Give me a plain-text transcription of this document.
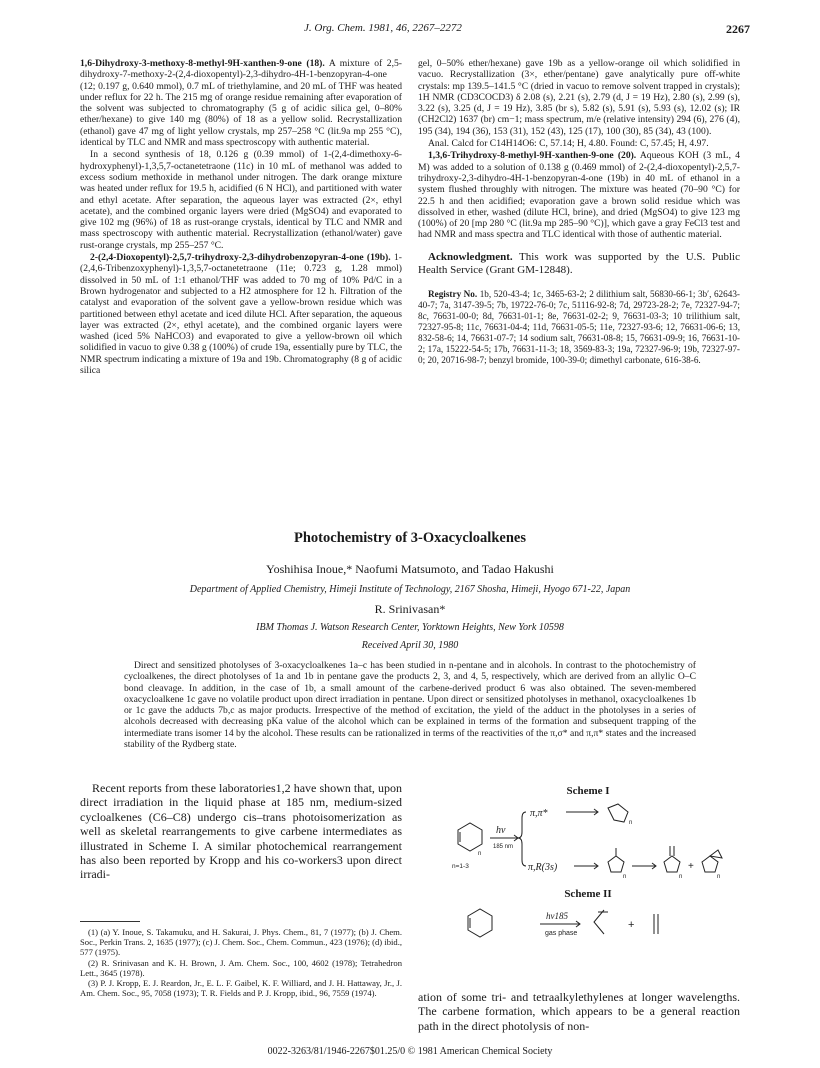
J. Org. Chem. 1981, 46, 2267–2272	2267

1,6-Dihydroxy-3-methoxy-8-methyl-9H-xanthen-9-one (18). A mixture of 2,5-dihydroxy-7-methoxy-2-(2,4-dioxopentyl)-2,3-dihydro-4H-1-benzopyran-4-one (12; 0.197 g, 0.640 mmol), 0.7 mL of triethylamine, and 20 mL of THF was heated under reflux for 22 h. The 215 mg of orange residue remaining after evaporation of the solvent was subjected to chromatography (5 g of acidic silica gel, 0–80% ether/hexane) to give 140 mg (80%) of 18 as a yellow solid. Recrystallization (ethanol) gave 47 mg of light yellow crystals, mp 257–258 °C (lit.9a mp 255 °C), identical by TLC and NMR and mass spectroscopy with authentic material.

In a second synthesis of 18, 0.126 g (0.39 mmol) of 1-(2,4-dimethoxy-6-hydroxyphenyl)-1,3,5,7-octanetetraone (11c) in 10 mL of methanol was added to excess sodium methoxide in methanol under nitrogen. The dark orange mixture was heated under reflux for 19.5 h, acidified (6 N HCl), and partitioned with water and ethyl acetate. After separation, the aqueous layer was extracted (2×, ethyl acetate), and the combined organic layers were dried (MgSO4) and evaporated to give 102 mg (96%) of 18 as rust-orange crystals, identical by TLC and NMR and mass spectroscopy with authentic material. Recrystallization (ethanol/water) gave rust-orange crystals, mp 255–257 °C.

2-(2,4-Dioxopentyl)-2,5,7-trihydroxy-2,3-dihydrobenzopyran-4-one (19b). 1-(2,4,6-Tribenzoxyphenyl)-1,3,5,7-octanetetraone (11e; 0.723 g, 1.28 mmol) dissolved in 50 mL of 1:1 ethanol/THF was added to 70 mg of 10% Pd/C in a Brown hydrogenator and subjected to a H2 atmosphere for 12 h. Filtration of the catalyst and evaporation of the solvent gave a yellow-brown residue which was partitioned between ethyl acetate and iced dilute HCl. After separation, the aqueous layer was extracted (2×, ethyl acetate), and the combined organic layers were washed (iced 5% NaHCO3) and evaporated to give a yellow-brown oil which solidified in vacuo to give 0.38 g (100%) of crude 19a, essentially pure by TLC, the NMR spectrum indicating a mixture of 19a and 19b. Chromatography (8 g of acidic silica

gel, 0–50% ether/hexane) gave 19b as a yellow-orange oil which solidified in vacuo. Recrystallization (3×, ether/pentane) gave analytically pure off-white crystals: mp 139.5–141.5 °C (dried in vacuo to remove solvent trapped in crystals); 1H NMR (CD3COCD3) δ 2.08 (s), 2.21 (s), 2.79 (d, J = 19 Hz), 2.80 (s), 2.99 (s), 3.22 (s), 3.25 (d, J = 19 Hz), 3.85 (br s), 5.82 (s), 5.91 (s), 5.93 (s), 12.02 (s); IR (CH2Cl2) 1637 (br) cm−1; mass spectrum, m/e (relative intensity) 294 (6), 276 (4), 195 (34), 194 (36), 153 (31), 152 (43), 125 (17), 100 (30), 85 (34), 43 (100).

Anal. Calcd for C14H14O6: C, 57.14; H, 4.80. Found: C, 57.45; H, 4.97.

1,3,6-Trihydroxy-8-methyl-9H-xanthen-9-one (20). Aqueous KOH (3 mL, 4 M) was added to a solution of 0.138 g (0.469 mmol) of 2-(2,4-dioxopentyl)-2,5,7-trihydroxy-2,3-dihydro-4H-1-benzopyran-4-one (19b) in 40 mL of ethanol in a system flushed throughly with nitrogen. The mixture was heated (70–90 °C) for 22.5 h and then acidified; evaporation gave a brown solid residue which was dissolved in ether, washed (dilute HCl, brine), and dried (MgSO4) to give 123 mg (100%) of 20 [mp 280 °C (lit.9a mp 285–90 °C)], which gave a gray FeCl3 test and had NMR and mass spectra and TLC identical with those of authentic material.

Acknowledgment. This work was supported by the U.S. Public Health Service (Grant GM-12848).

Registry No. 1b, 520-43-4; 1c, 3465-63-2; 2 dilithium salt, 56830-66-1; 3b′, 62643-40-7; 7a, 3147-39-5; 7b, 19722-76-0; 7c, 51116-92-8; 7d, 29723-28-2; 7e, 72327-94-7; 8c, 76631-00-0; 8d, 76631-01-1; 8e, 76631-02-2; 9, 76631-03-3; 10 trilithium salt, 72327-95-8; 11c, 76631-04-4; 11d, 76631-05-5; 11e, 72327-93-6; 12, 76631-06-6; 13, 832-58-6; 14, 76631-07-7; 14 sodium salt, 76631-08-8; 15, 76631-09-9; 16, 76631-10-2; 17a, 15222-54-5; 17b, 76631-11-3; 18, 3569-83-3; 19a, 72327-96-9; 19b, 72327-97-0; 20, 20716-98-7; benzyl bromide, 100-39-0; dimethyl carbonate, 616-38-6.

Photochemistry of 3-Oxacycloalkenes
Yoshihisa Inoue,* Naofumi Matsumoto, and Tadao Hakushi
Department of Applied Chemistry, Himeji Institute of Technology, 2167 Shosha, Himeji, Hyogo 671-22, Japan
R. Srinivasan*
IBM Thomas J. Watson Research Center, Yorktown Heights, New York 10598
Received April 30, 1980
Direct and sensitized photolyses of 3-oxacycloalkenes 1a–c has been studied in n-pentane and in alcohols. In contrast to the photochemistry of cycloalkenes, the direct photolyses of 1a and 1b in pentane gave the products 2, 3, and 4, 5, respectively, which are derived from an allylic O–C bond cleavage. In addition, in the case of 1b, a small amount of the carbene-derived product 6 was also obtained. The seven-membered oxacycloalkene 1c gave no volatile product upon direct irradiation in pentane. Upon direct or sensitized photolyses in methanol, oxacycloalkenes 1b or 1c gave the adducts 7b,c as major products. Irrespective of the method of excitation, the yield of the adduct in the photolyses in a series of alcohols decreased with decreasing pKa value of the alcohol which can be explained in terms of the formation and subsequent trapping of the intermediate trans isomer 14 by the alcohol. These results can be rationalized in terms of the reactivities of the π,σ* and π,π* states and the increased stability of the Rydberg state.
Recent reports from these laboratories1,2 have shown that, upon direct irradiation in the liquid phase at 185 nm, medium-sized cycloalkenes (C6–C8) undergo cis–trans photoisomerization as well as skeletal rearrangements to give carbene intermediates as illustrated in Scheme I. A similar photochemical rearrangement has also been reported by Kropp and his co-workers3 upon direct irradi-

(1) (a) Y. Inoue, S. Takamuku, and H. Sakurai, J. Phys. Chem., 81, 7 (1977); (b) J. Chem. Soc., Perkin Trans. 2, 1635 (1977); (c) J. Chem. Soc., Chem. Commun., 423 (1976); (d) ibid., 577 (1975).

(2) R. Srinivasan and K. H. Brown, J. Am. Chem. Soc., 100, 4602 (1978); Tetrahedron Lett., 3645 (1978).

(3) P. J. Kropp, E. J. Reardon, Jr., E. L. F. Gaibel, K. F. Williard, and J. H. Hattaway, Jr., J. Am. Chem. Soc., 95, 7058 (1973); T. R. Fields and P. J. Kropp, ibid., 96, 7559 (1974).	ation of some tri- and tetraalkylethylenes at longer wavelengths. The carbene formation, which appears to be a general reaction path in the direct photolysis of non-
Scheme I
hν
185 nm
n=1-3
n
n
n	n	n
π,π*
π,R(3s)	+
Scheme II
hν185
gas phase
+
0022-3263/81/1946-2267$01.25/0 © 1981 American Chemical Society
